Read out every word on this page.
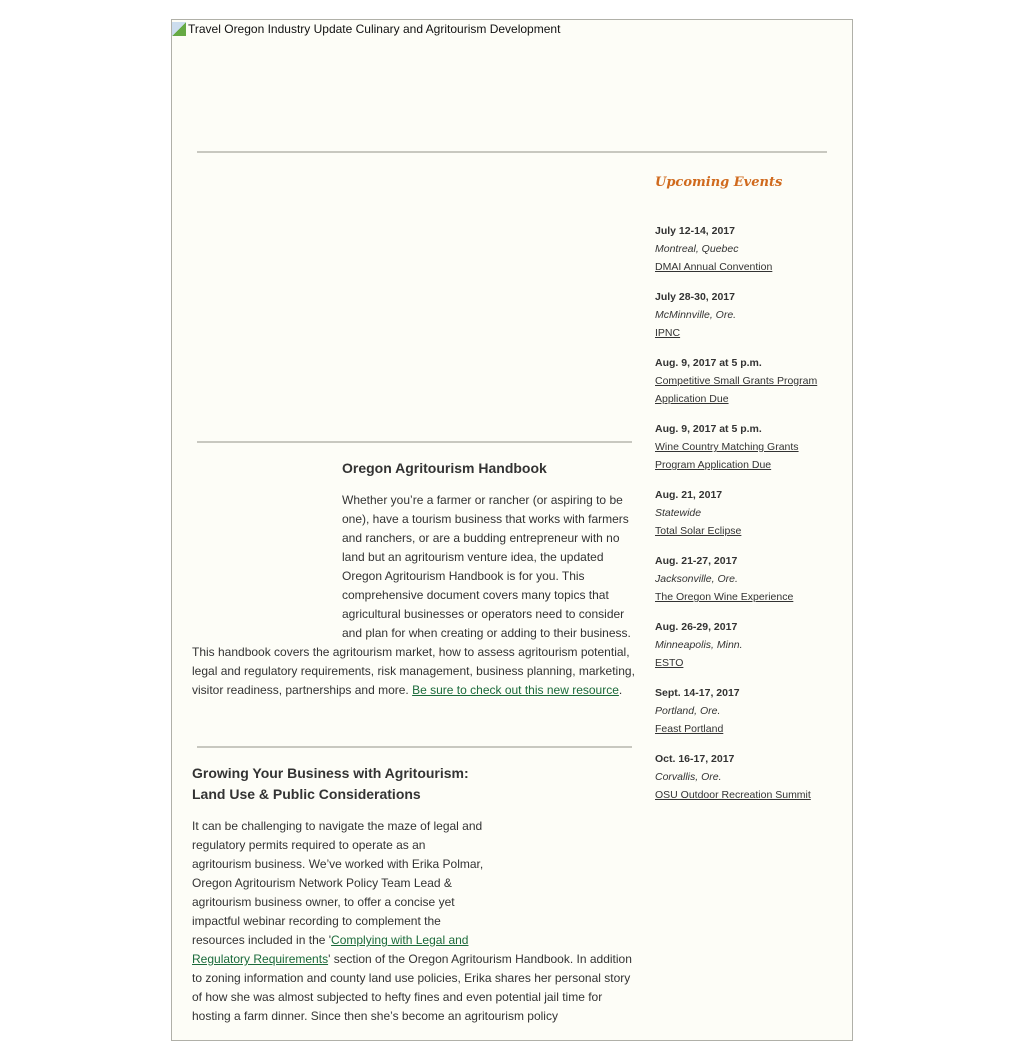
Travel Oregon Industry Update Culinary and Agritourism Development
Oregon Agritourism Handbook
Whether you’re a farmer or rancher (or aspiring to be one), have a tourism business that works with farmers and ranchers, or are a budding entrepreneur with no land but an agritourism venture idea, the updated Oregon Agritourism Handbook is for you. This comprehensive document covers many topics that agricultural businesses or operators need to consider and plan for when creating or adding to their business. This handbook covers the agritourism market, how to assess agritourism potential, legal and regulatory requirements, risk management, business planning, marketing, visitor readiness, partnerships and more. Be sure to check out this new resource.
Growing Your Business with Agritourism:
Land Use & Public Considerations
It can be challenging to navigate the maze of legal and regulatory permits required to operate as an agritourism business. We’ve worked with Erika Polmar, Oregon Agritourism Network Policy Team Lead & agritourism business owner, to offer a concise yet impactful webinar recording to complement the resources included in the 'Complying with Legal and Regulatory Requirements' section of the Oregon Agritourism Handbook. In addition to zoning information and county land use policies, Erika shares her personal story of how she was almost subjected to hefty fines and even potential jail time for hosting a farm dinner. Since then she’s become an agritourism policy
Upcoming Events
July 12-14, 2017
Montreal, Quebec
DMAI Annual Convention
July 28-30, 2017
McMinnville, Ore.
IPNC
Aug. 9, 2017 at 5 p.m.
Competitive Small Grants Program Application Due
Aug. 9, 2017 at 5 p.m.
Wine Country Matching Grants Program Application Due
Aug. 21, 2017
Statewide
Total Solar Eclipse
Aug. 21-27, 2017
Jacksonville, Ore.
The Oregon Wine Experience
Aug. 26-29, 2017
Minneapolis, Minn.
ESTO
Sept. 14-17, 2017
Portland, Ore.
Feast Portland
Oct. 16-17, 2017
Corvallis, Ore.
OSU Outdoor Recreation Summit
